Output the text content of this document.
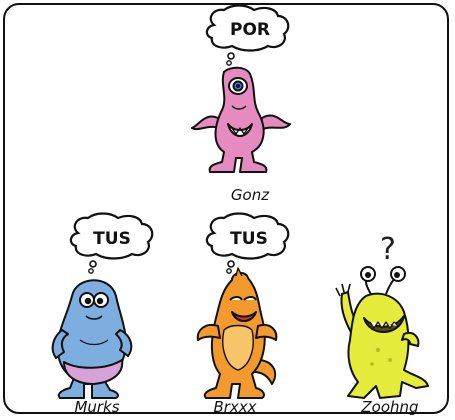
POR
TUS	TUS	?
Gonz
Murks	Brxxx	Zoohng
